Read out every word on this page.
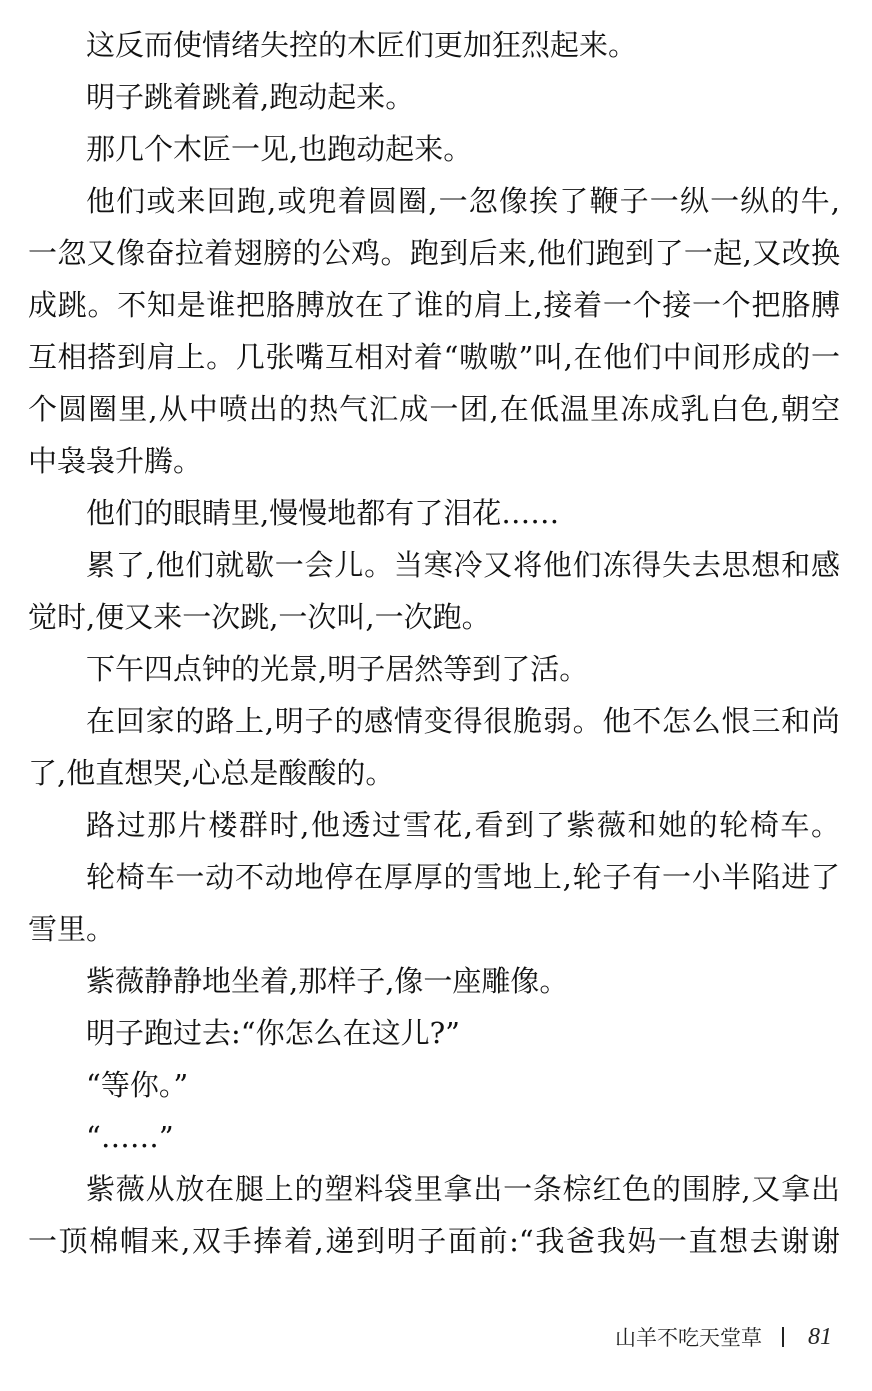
这反而使情绪失控的木匠们更加狂烈起来。
明子跳着跳着,跑动起来。
那几个木匠一见,也跑动起来。
他们或来回跑,或兜着圆圈,一忽像挨了鞭子一纵一纵的牛,
一忽又像奋拉着翅膀的公鸡。跑到后来,他们跑到了一起,又改换
成跳。不知是谁把胳膊放在了谁的肩上,接着一个接一个把胳膊
互相搭到肩上。几张嘴互相对着“嗷嗷”叫,在他们中间形成的一
个圆圈里,从中喷出的热气汇成一团,在低温里冻成乳白色,朝空
中袅袅升腾。
他们的眼睛里,慢慢地都有了泪花……
累了,他们就歇一会儿。当寒冷又将他们冻得失去思想和感
觉时,便又来一次跳,一次叫,一次跑。
下午四点钟的光景,明子居然等到了活。
在回家的路上,明子的感情变得很脆弱。他不怎么恨三和尚
了,他直想哭,心总是酸酸的。
路过那片楼群时,他透过雪花,看到了紫薇和她的轮椅车。
轮椅车一动不动地停在厚厚的雪地上,轮子有一小半陷进了
雪里。
紫薇静静地坐着,那样子,像一座雕像。
明子跑过去:“你怎么在这儿?”
“等你。”
“……”
紫薇从放在腿上的塑料袋里拿出一条棕红色的围脖,又拿出
一顶棉帽来,双手捧着,递到明子面前:“我爸我妈一直想去谢谢
山羊不吃天堂草 81
